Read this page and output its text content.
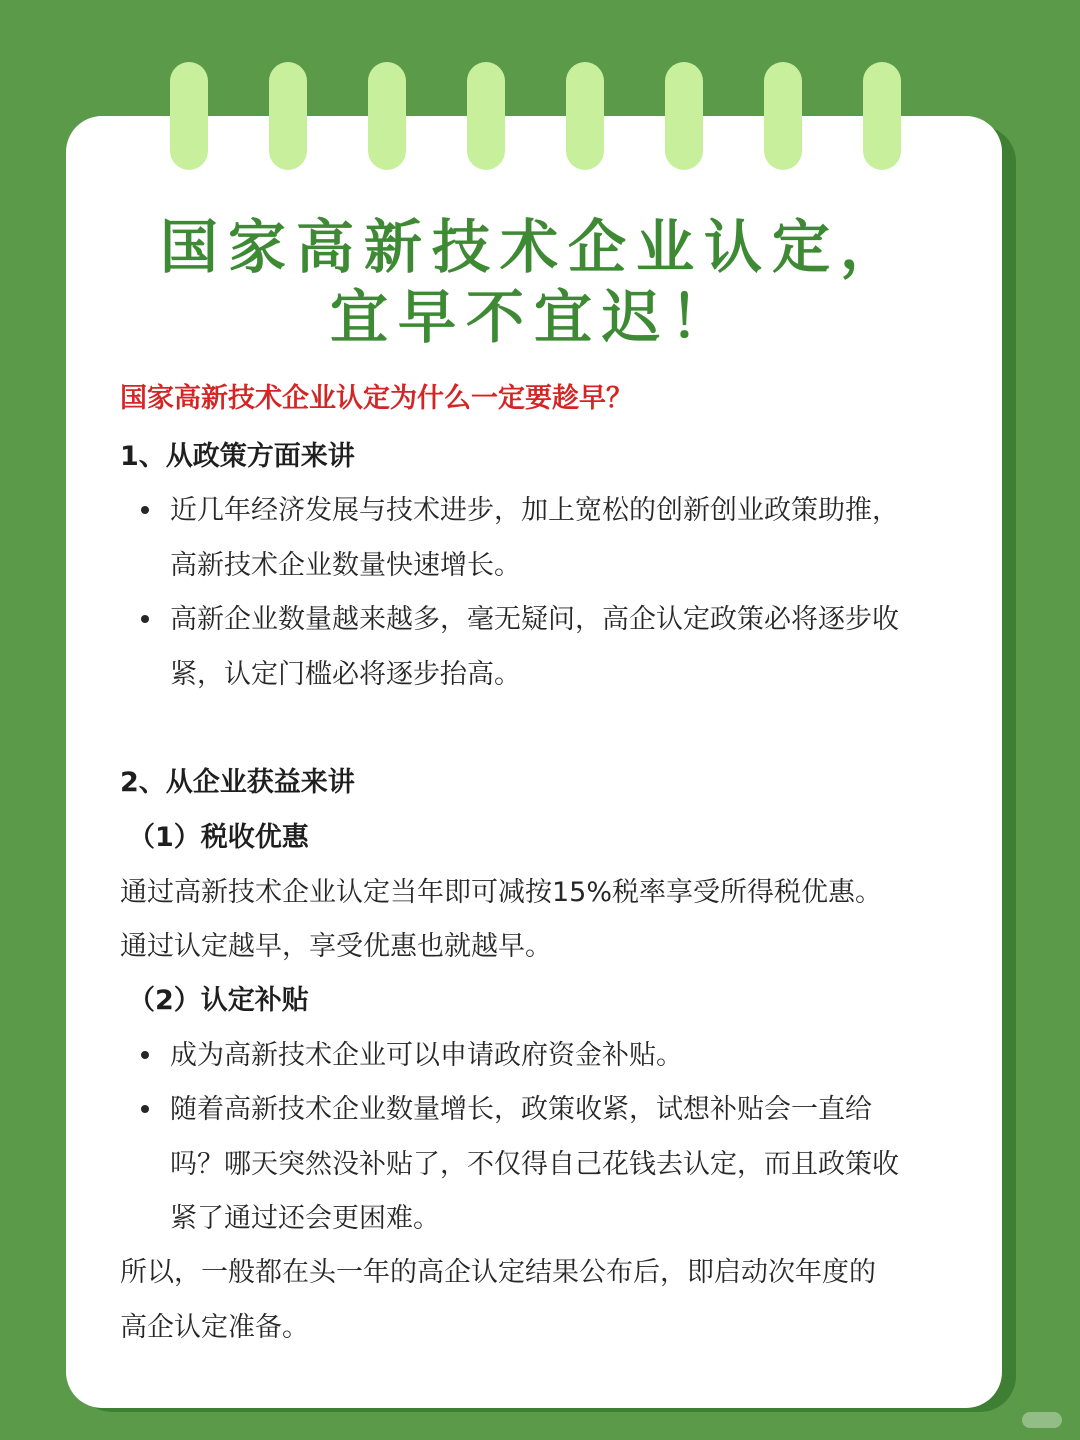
国家高新技术企业认定，
宜早不宜迟！
国家高新技术企业认定为什么一定要趁早？
1、从政策方面来讲
近几年经济发展与技术进步，加上宽松的创新创业政策助推，
高新技术企业数量快速增长。
高新企业数量越来越多，毫无疑问，高企认定政策必将逐步收
紧，认定门槛必将逐步抬高。
2、从企业获益来讲
（1）税收优惠
通过高新技术企业认定当年即可减按15%税率享受所得税优惠。
通过认定越早，享受优惠也就越早。
（2）认定补贴
成为高新技术企业可以申请政府资金补贴。
随着高新技术企业数量增长，政策收紧，试想补贴会一直给
吗？哪天突然没补贴了，不仅得自己花钱去认定，而且政策收
紧了通过还会更困难。
所以，一般都在头一年的高企认定结果公布后，即启动次年度的
高企认定准备。
